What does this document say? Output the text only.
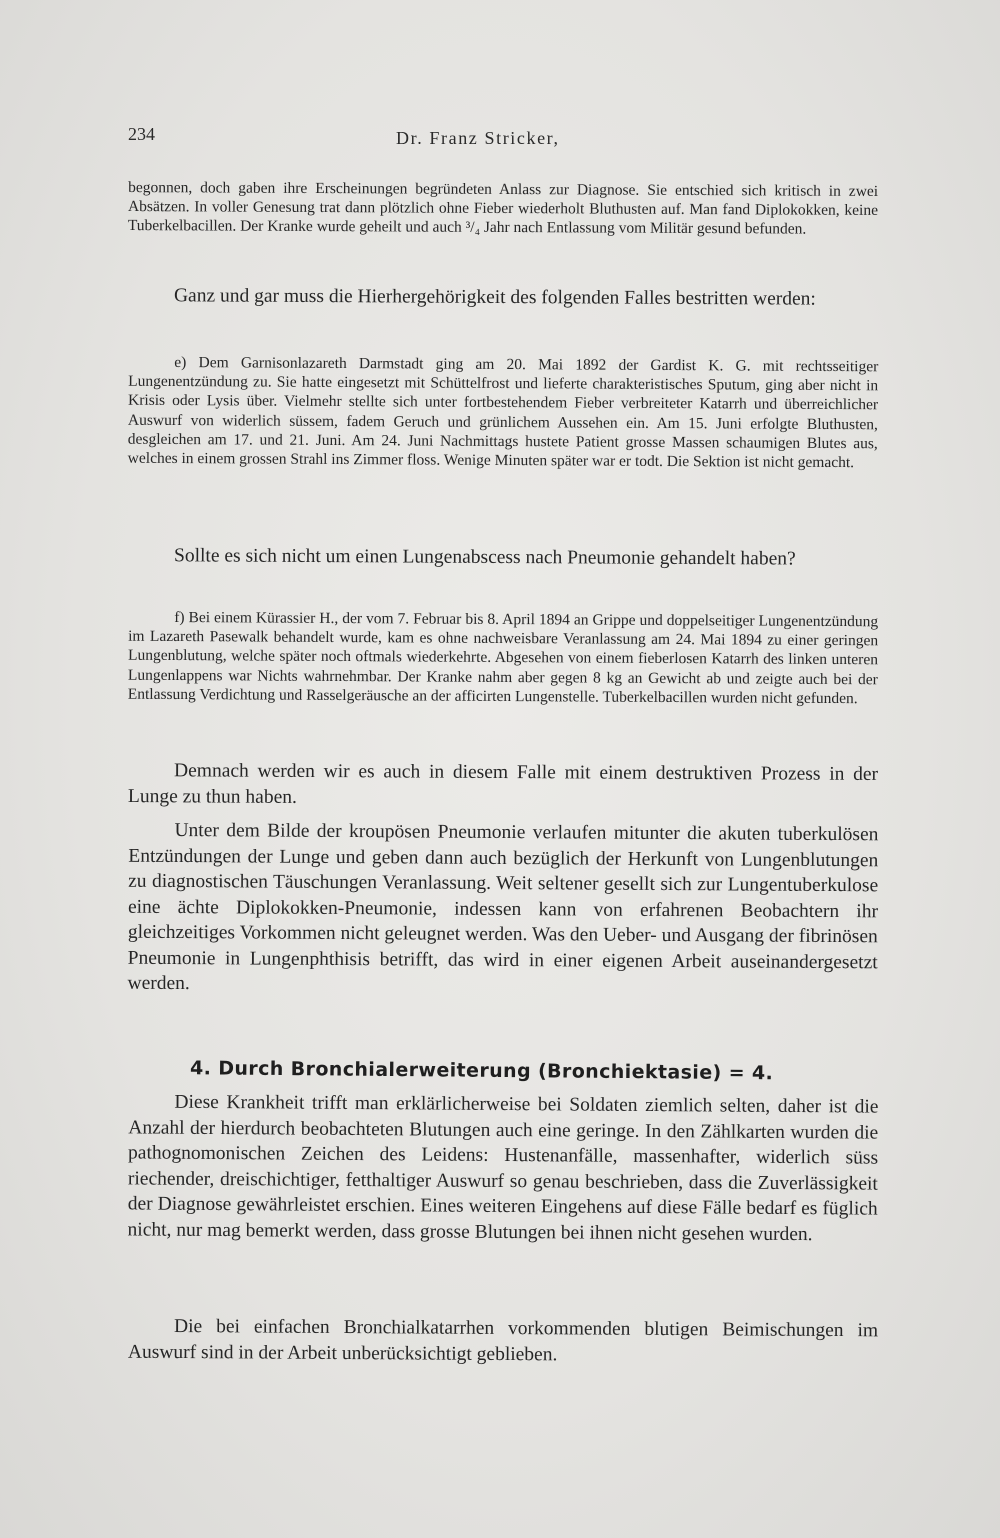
234	Dr. Franz Stricker,

begonnen, doch gaben ihre Erscheinungen begründeten Anlass zur Diagnose. Sie entschied sich kritisch in zwei Absätzen. In voller Genesung trat dann plötzlich ohne Fieber wiederholt Bluthusten auf. Man fand Diplokokken, keine Tuberkelbacillen. Der Kranke wurde geheilt und auch ³/₄ Jahr nach Entlassung vom Militär gesund befunden.

Ganz und gar muss die Hierhergehörigkeit des folgenden Falles bestritten werden:

e) Dem Garnisonlazareth Darmstadt ging am 20. Mai 1892 der Gardist K. G. mit rechtsseitiger Lungenentzündung zu. Sie hatte eingesetzt mit Schüttelfrost und lieferte charakteristisches Sputum, ging aber nicht in Krisis oder Lysis über. Vielmehr stellte sich unter fortbestehendem Fieber verbreiteter Katarrh und überreichlicher Auswurf von widerlich süssem, fadem Geruch und grünlichem Aussehen ein. Am 15. Juni erfolgte Bluthusten, desgleichen am 17. und 21. Juni. Am 24. Juni Nachmittags hustete Patient grosse Massen schaumigen Blutes aus, welches in einem grossen Strahl ins Zimmer floss. Wenige Minuten später war er todt. Die Sektion ist nicht gemacht.

Sollte es sich nicht um einen Lungenabscess nach Pneumonie gehandelt haben?

f) Bei einem Kürassier H., der vom 7. Februar bis 8. April 1894 an Grippe und doppelseitiger Lungenentzündung im Lazareth Pasewalk behandelt wurde, kam es ohne nachweisbare Veranlassung am 24. Mai 1894 zu einer geringen Lungenblutung, welche später noch oftmals wiederkehrte. Abgesehen von einem fieberlosen Katarrh des linken unteren Lungenlappens war Nichts wahrnehmbar. Der Kranke nahm aber gegen 8 kg an Gewicht ab und zeigte auch bei der Entlassung Verdichtung und Rasselgeräusche an der afficirten Lungenstelle. Tuberkelbacillen wurden nicht gefunden.

Demnach werden wir es auch in diesem Falle mit einem destruktiven Prozess in der Lunge zu thun haben.

Unter dem Bilde der kroupösen Pneumonie verlaufen mitunter die akuten tuberkulösen Entzündungen der Lunge und geben dann auch bezüglich der Herkunft von Lungenblutungen zu diagnostischen Täuschungen Veranlassung. Weit seltener gesellt sich zur Lungentuberkulose eine ächte Diplokokken-Pneumonie, indessen kann von erfahrenen Beobachtern ihr gleichzeitiges Vorkommen nicht geleugnet werden. Was den Ueber- und Ausgang der fibrinösen Pneumonie in Lungenphthisis betrifft, das wird in einer eigenen Arbeit auseinandergesetzt werden.

4. Durch Bronchialerweiterung (Bronchiektasie) = 4.

Diese Krankheit trifft man erklärlicherweise bei Soldaten ziemlich selten, daher ist die Anzahl der hierdurch beobachteten Blutungen auch eine geringe. In den Zählkarten wurden die pathognomonischen Zeichen des Leidens: Hustenanfälle, massenhafter, widerlich süss riechender, dreischichtiger, fetthaltiger Auswurf so genau beschrieben, dass die Zuverlässigkeit der Diagnose gewährleistet erschien. Eines weiteren Eingehens auf diese Fälle bedarf es füglich nicht, nur mag bemerkt werden, dass grosse Blutungen bei ihnen nicht gesehen wurden.

Die bei einfachen Bronchialkatarrhen vorkommenden blutigen Beimischungen im Auswurf sind in der Arbeit unberücksichtigt geblieben.
